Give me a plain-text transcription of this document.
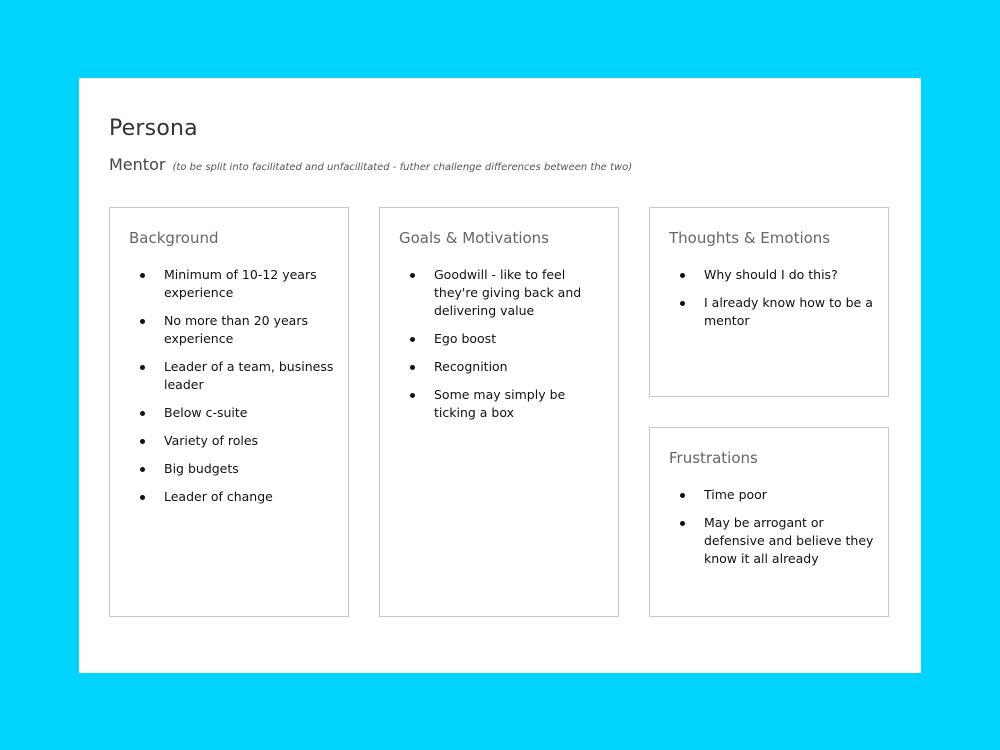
Persona

Mentor (to be split into facilitated and unfacilitated - futher challenge differences between the two)

Background
Minimum of 10-12 years experience
No more than 20 years experience
Leader of a team, business leader
Below c-suite
Variety of roles
Big budgets
Leader of change
Goals & Motivations
Goodwill - like to feel they're giving back and delivering value
Ego boost
Recognition
Some may simply be ticking a box
Thoughts & Emotions
Why should I do this?
I already know how to be a mentor
Frustrations
Time poor
May be arrogant or defensive and believe they know it all already
